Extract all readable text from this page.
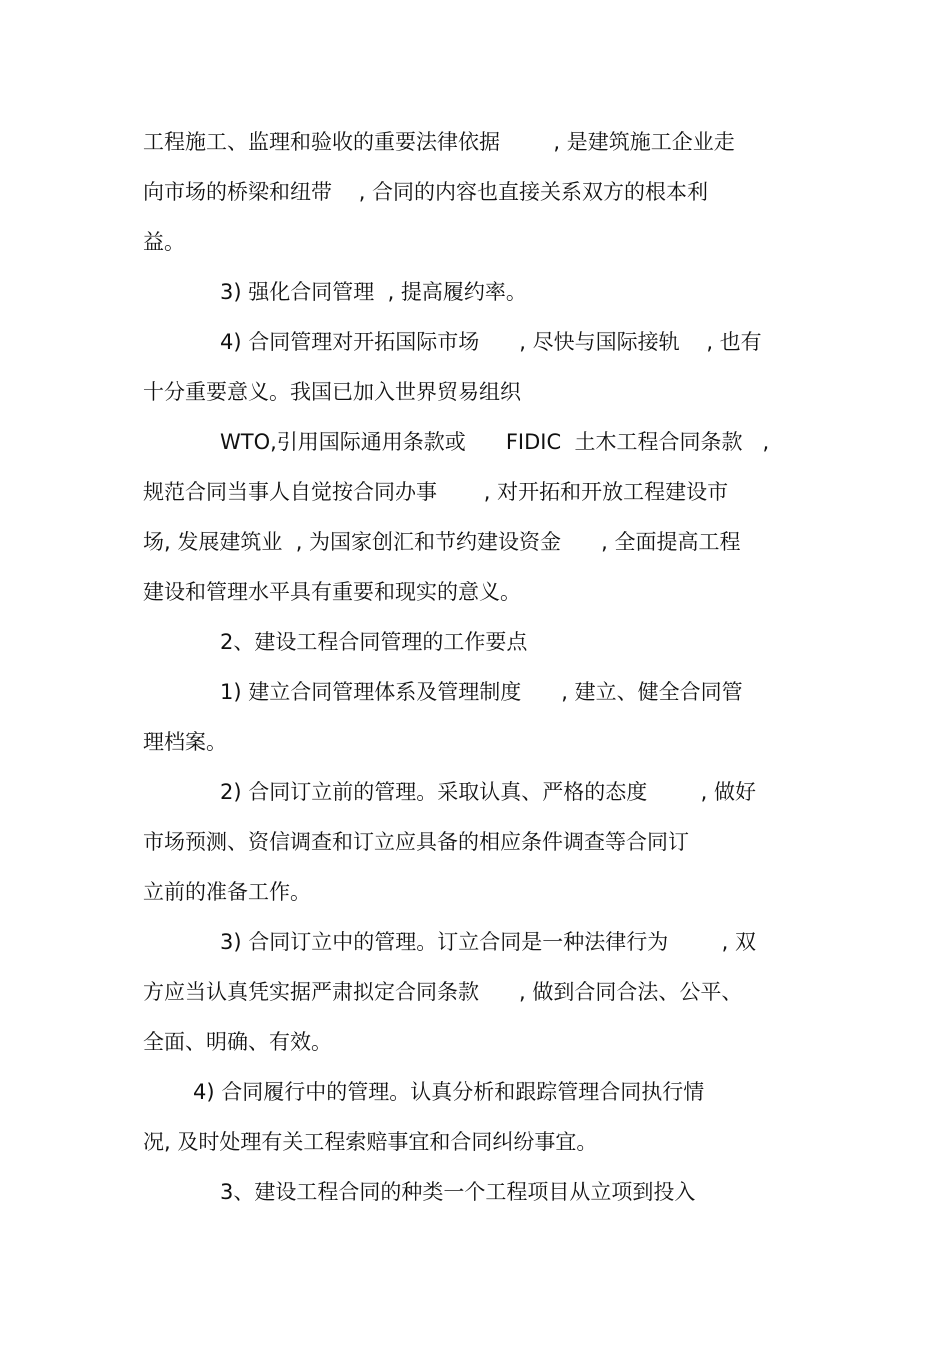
工程施工、监理和验收的重要法律依据        , 是建筑施工企业走
向市场的桥梁和纽带    , 合同的内容也直接关系双方的根本利
益。
3) 强化合同管理  , 提高履约率。
4) 合同管理对开拓国际市场      , 尽快与国际接轨    , 也有
十分重要意义。我国已加入世界贸易组织
WTO,引用国际通用条款或      FIDIC  土木工程合同条款   ,
规范合同当事人自觉按合同办事       , 对开拓和开放工程建设市
场, 发展建筑业  , 为国家创汇和节约建设资金      , 全面提高工程
建设和管理水平具有重要和现实的意义。
2、建设工程合同管理的工作要点
1) 建立合同管理体系及管理制度      , 建立、健全合同管
理档案。
2) 合同订立前的管理。采取认真、严格的态度        , 做好
市场预测、资信调查和订立应具备的相应条件调查等合同订
立前的准备工作。
3) 合同订立中的管理。订立合同是一种法律行为        , 双
方应当认真凭实据严肃拟定合同条款      , 做到合同合法、公平、
全面、明确、有效。
4) 合同履行中的管理。认真分析和跟踪管理合同执行情
况, 及时处理有关工程索赔事宜和合同纠纷事宜。
3、建设工程合同的种类一个工程项目从立项到投入
